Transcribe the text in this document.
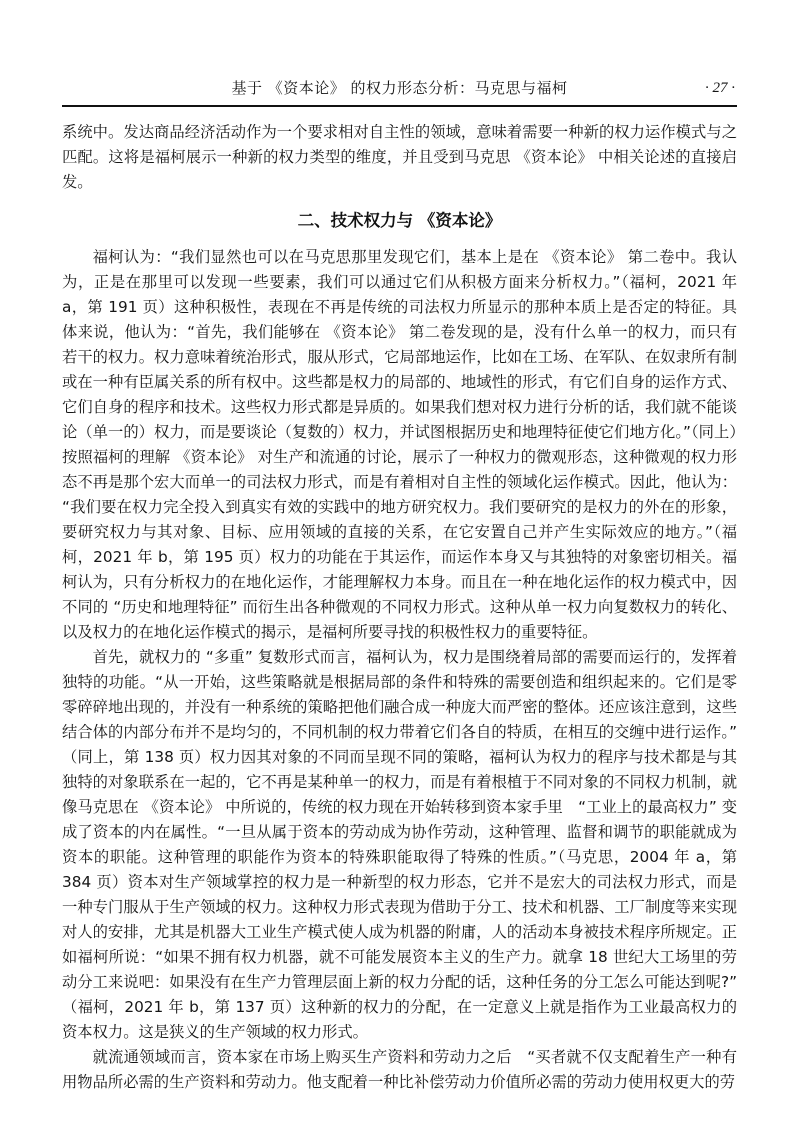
基于 《资本论》 的权力形态分析：马克思与福柯	· 27 ·

系统中。发达商品经济活动作为一个要求相对自主性的领域，意味着需要一种新的权力运作模式与之匹配。这将是福柯展示一种新的权力类型的维度，并且受到马克思 《资本论》 中相关论述的直接启发。

二、技术权力与 《资本论》

福柯认为：“我们显然也可以在马克思那里发现它们，基本上是在 《资本论》 第二卷中。我认为，正是在那里可以发现一些要素，我们可以通过它们从积极方面来分析权力。”（福柯，2021 年 a，第 191 页）这种积极性，表现在不再是传统的司法权力所显示的那种本质上是否定的特征。具体来说，他认为：“首先，我们能够在 《资本论》 第二卷发现的是，没有什么单一的权力，而只有若干的权力。权力意味着统治形式，服从形式，它局部地运作，比如在工场、在军队、在奴隶所有制或在一种有臣属关系的所有权中。这些都是权力的局部的、地域性的形式，有它们自身的运作方式、它们自身的程序和技术。这些权力形式都是异质的。如果我们想对权力进行分析的话，我们就不能谈论（单一的）权力，而是要谈论（复数的）权力，并试图根据历史和地理特征使它们地方化。”（同上）按照福柯的理解 《资本论》 对生产和流通的讨论，展示了一种权力的微观形态，这种微观的权力形态不再是那个宏大而单一的司法权力形式，而是有着相对自主性的领域化运作模式。因此，他认为：“我们要在权力完全投入到真实有效的实践中的地方研究权力。我们要研究的是权力的外在的形象，要研究权力与其对象、目标、应用领域的直接的关系，在它安置自己并产生实际效应的地方。”（福柯，2021 年 b，第 195 页）权力的功能在于其运作，而运作本身又与其独特的对象密切相关。福柯认为，只有分析权力的在地化运作，才能理解权力本身。而且在一种在地化运作的权力模式中，因不同的 “历史和地理特征” 而衍生出各种微观的不同权力形式。这种从单一权力向复数权力的转化、以及权力的在地化运作模式的揭示，是福柯所要寻找的积极性权力的重要特征。

首先，就权力的 “多重” 复数形式而言，福柯认为，权力是围绕着局部的需要而运行的，发挥着独特的功能。“从一开始，这些策略就是根据局部的条件和特殊的需要创造和组织起来的。它们是零零碎碎地出现的，并没有一种系统的策略把他们融合成一种庞大而严密的整体。还应该注意到，这些结合体的内部分布并不是均匀的，不同机制的权力带着它们各自的特质，在相互的交缠中进行运作。”（同上，第 138 页）权力因其对象的不同而呈现不同的策略，福柯认为权力的程序与技术都是与其独特的对象联系在一起的，它不再是某种单一的权力，而是有着根植于不同对象的不同权力机制，就像马克思在 《资本论》 中所说的，传统的权力现在开始转移到资本家手里　“工业上的最高权力” 变成了资本的内在属性。“一旦从属于资本的劳动成为协作劳动，这种管理、监督和调节的职能就成为资本的职能。这种管理的职能作为资本的特殊职能取得了特殊的性质。”（马克思，2004 年 a，第 384 页）资本对生产领域掌控的权力是一种新型的权力形态，它并不是宏大的司法权力形式，而是一种专门服从于生产领域的权力。这种权力形式表现为借助于分工、技术和机器、工厂制度等来实现对人的安排，尤其是机器大工业生产模式使人成为机器的附庸，人的活动本身被技术程序所规定。正如福柯所说：“如果不拥有权力机器，就不可能发展资本主义的生产力。就拿 18 世纪大工场里的劳动分工来说吧：如果没有在生产力管理层面上新的权力分配的话，这种任务的分工怎么可能达到呢?”（福柯，2021 年 b，第 137 页）这种新的权力的分配，在一定意义上就是指作为工业最高权力的资本权力。这是狭义的生产领域的权力形式。

就流通领域而言，资本家在市场上购买生产资料和劳动力之后　“买者就不仅支配着生产一种有用物品所必需的生产资料和劳动力。他支配着一种比补偿劳动力价值所必需的劳动力使用权更大的劳
